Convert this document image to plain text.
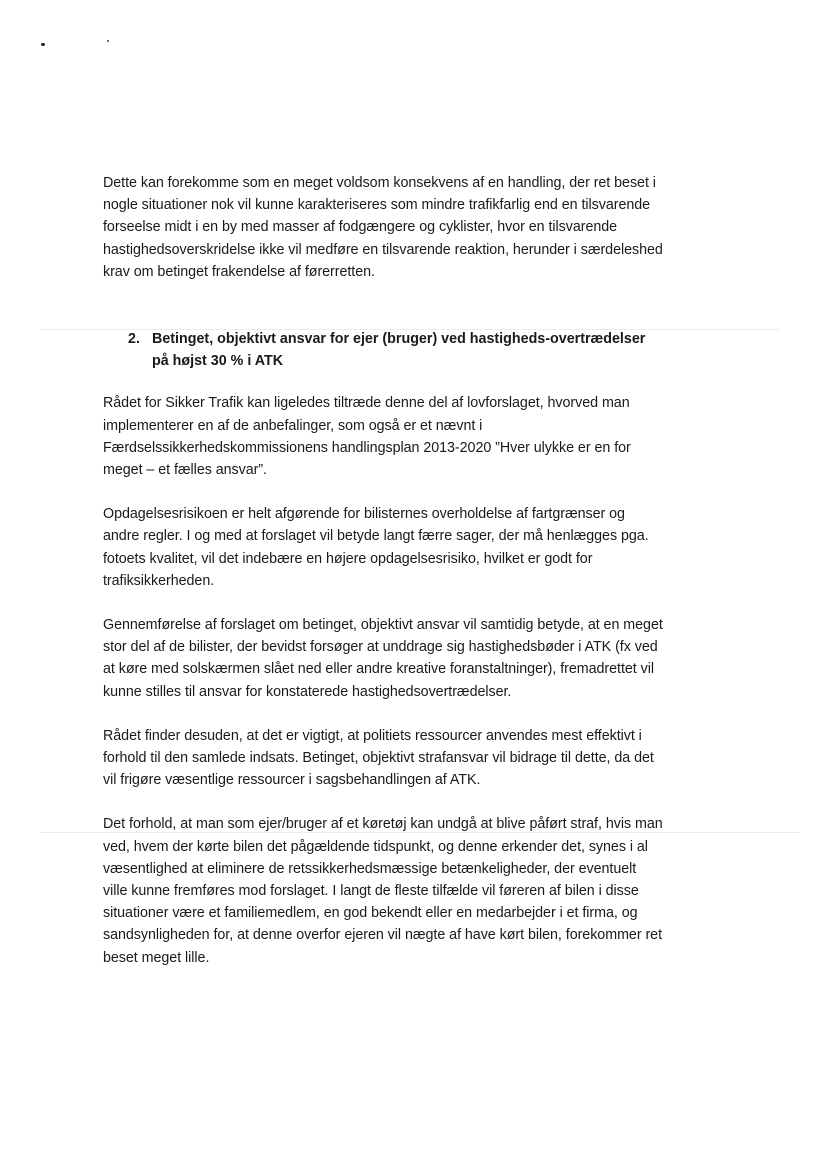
Dette kan forekomme som en meget voldsom konsekvens af en handling, der ret beset i nogle situationer nok vil kunne karakteriseres som mindre trafikfarlig end en tilsvarende forseelse midt i en by med masser af fodgængere og cyklister, hvor en tilsvarende hastighedsoverskridelse ikke vil medføre en tilsvarende reaktion, herunder i særdeleshed krav om betinget frakendelse af førerretten.

2. Betinget, objektivt ansvar for ejer (bruger) ved hastigheds-overtrædelser på højst 30 % i ATK

Rådet for Sikker Trafik kan ligeledes tiltræde denne del af lovforslaget, hvorved man implementerer en af de anbefalinger, som også er et nævnt i Færdselssikkerhedskommissionens handlingsplan 2013-2020 ”Hver ulykke er en for meget – et fælles ansvar”.

Opdagelsesrisikoen er helt afgørende for bilisternes overholdelse af fartgrænser og andre regler. I og med at forslaget vil betyde langt færre sager, der må henlægges pga. fotoets kvalitet, vil det indebære en højere opdagelsesrisiko, hvilket er godt for trafiksikkerheden.

Gennemførelse af forslaget om betinget, objektivt ansvar vil samtidig betyde, at en meget stor del af de bilister, der bevidst forsøger at unddrage sig hastighedsbøder i ATK (fx ved at køre med solskærmen slået ned eller andre kreative foranstaltninger), fremadrettet vil kunne stilles til ansvar for konstaterede hastighedsovertrædelser.

Rådet finder desuden, at det er vigtigt, at politiets ressourcer anvendes mest effektivt i forhold til den samlede indsats. Betinget, objektivt strafansvar vil bidrage til dette, da det vil frigøre væsentlige ressourcer i sagsbehandlingen af ATK.

Det forhold, at man som ejer/bruger af et køretøj kan undgå at blive påført straf, hvis man ved, hvem der kørte bilen det pågældende tidspunkt, og denne erkender det, synes i al væsentlighed at eliminere de retssikkerhedsmæssige betænkeligheder, der eventuelt ville kunne fremføres mod forslaget. I langt de fleste tilfælde vil føreren af bilen i disse situationer være et familiemedlem, en god bekendt eller en medarbejder i et firma, og sandsynligheden for, at denne overfor ejeren vil nægte af have kørt bilen, forekommer ret beset meget lille.
